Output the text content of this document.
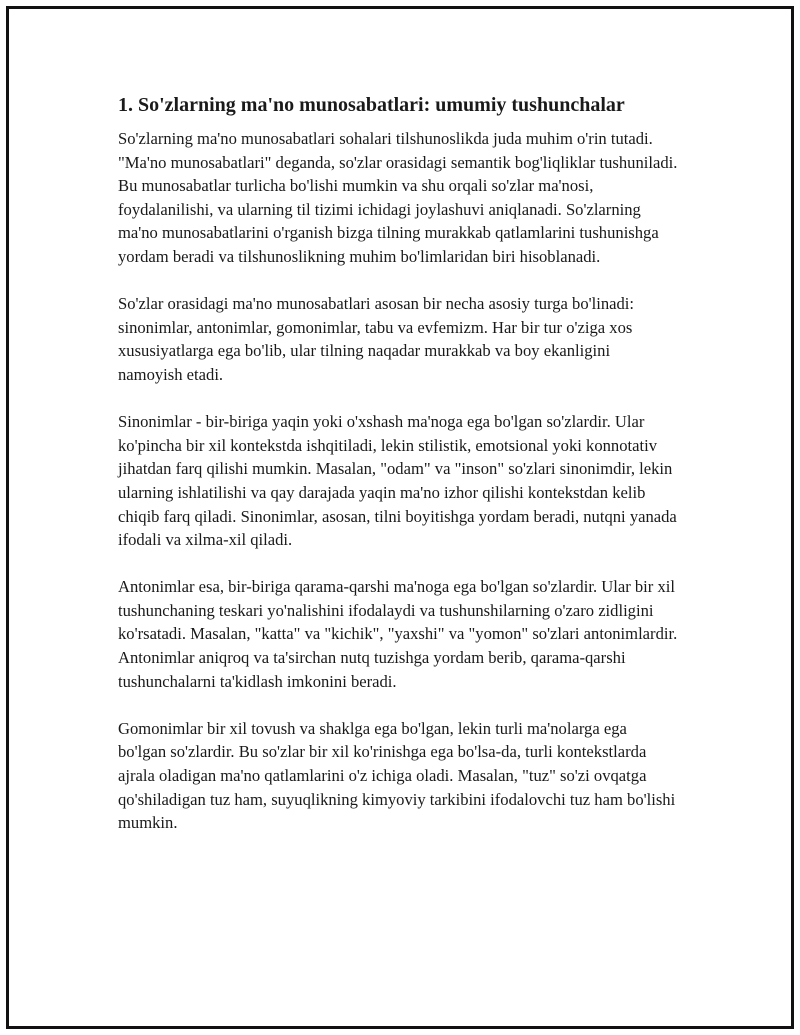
1. So'zlarning ma'no munosabatlari: umumiy tushunchalar

So'zlarning ma'no munosabatlari sohalari tilshunoslikda juda muhim o'rin tutadi. "Ma'no munosabatlari" deganda, so'zlar orasidagi semantik bog'liqliklar tushuniladi. Bu munosabatlar turlicha bo'lishi mumkin va shu orqali so'zlar ma'nosi, foydalanilishi, va ularning til tizimi ichidagi joylashuvi aniqlanadi. So'zlarning ma'no munosabatlarini o'rganish bizga tilning murakkab qatlamlarini tushunishga yordam beradi va tilshunoslikning muhim bo'limlaridan biri hisoblanadi.

So'zlar orasidagi ma'no munosabatlari asosan bir necha asosiy turga bo'linadi: sinonimlar, antonimlar, gomonimlar, tabu va evfemizm. Har bir tur o'ziga xos xususiyatlarga ega bo'lib, ular tilning naqadar murakkab va boy ekanligini namoyish etadi.

Sinonimlar - bir-biriga yaqin yoki o'xshash ma'noga ega bo'lgan so'zlardir. Ular ko'pincha bir xil kontekstda ishqitiladi, lekin stilistik, emotsional yoki konnotativ jihatdan farq qilishi mumkin. Masalan, "odam" va "inson" so'zlari sinonimdir, lekin ularning ishlatilishi va qay darajada yaqin ma'no izhor qilishi kontekstdan kelib chiqib farq qiladi. Sinonimlar, asosan, tilni boyitishga yordam beradi, nutqni yanada ifodali va xilma-xil qiladi.

Antonimlar esa, bir-biriga qarama-qarshi ma'noga ega bo'lgan so'zlardir. Ular bir xil tushunchaning teskari yo'nalishini ifodalaydi va tushunshilarning o'zaro zidligini ko'rsatadi. Masalan, "katta" va "kichik", "yaxshi" va "yomon" so'zlari antonimlardir. Antonimlar aniqroq va ta'sirchan nutq tuzishga yordam berib, qarama-qarshi tushunchalarni ta'kidlash imkonini beradi.

Gomonimlar bir xil tovush va shaklga ega bo'lgan, lekin turli ma'nolarga ega bo'lgan so'zlardir. Bu so'zlar bir xil ko'rinishga ega bo'lsa-da, turli kontekstlarda ajrala oladigan ma'no qatlamlarini o'z ichiga oladi. Masalan, "tuz" so'zi ovqatga qo'shiladigan tuz ham, suyuqlikning kimyoviy tarkibini ifodalovchi tuz ham bo'lishi mumkin.
